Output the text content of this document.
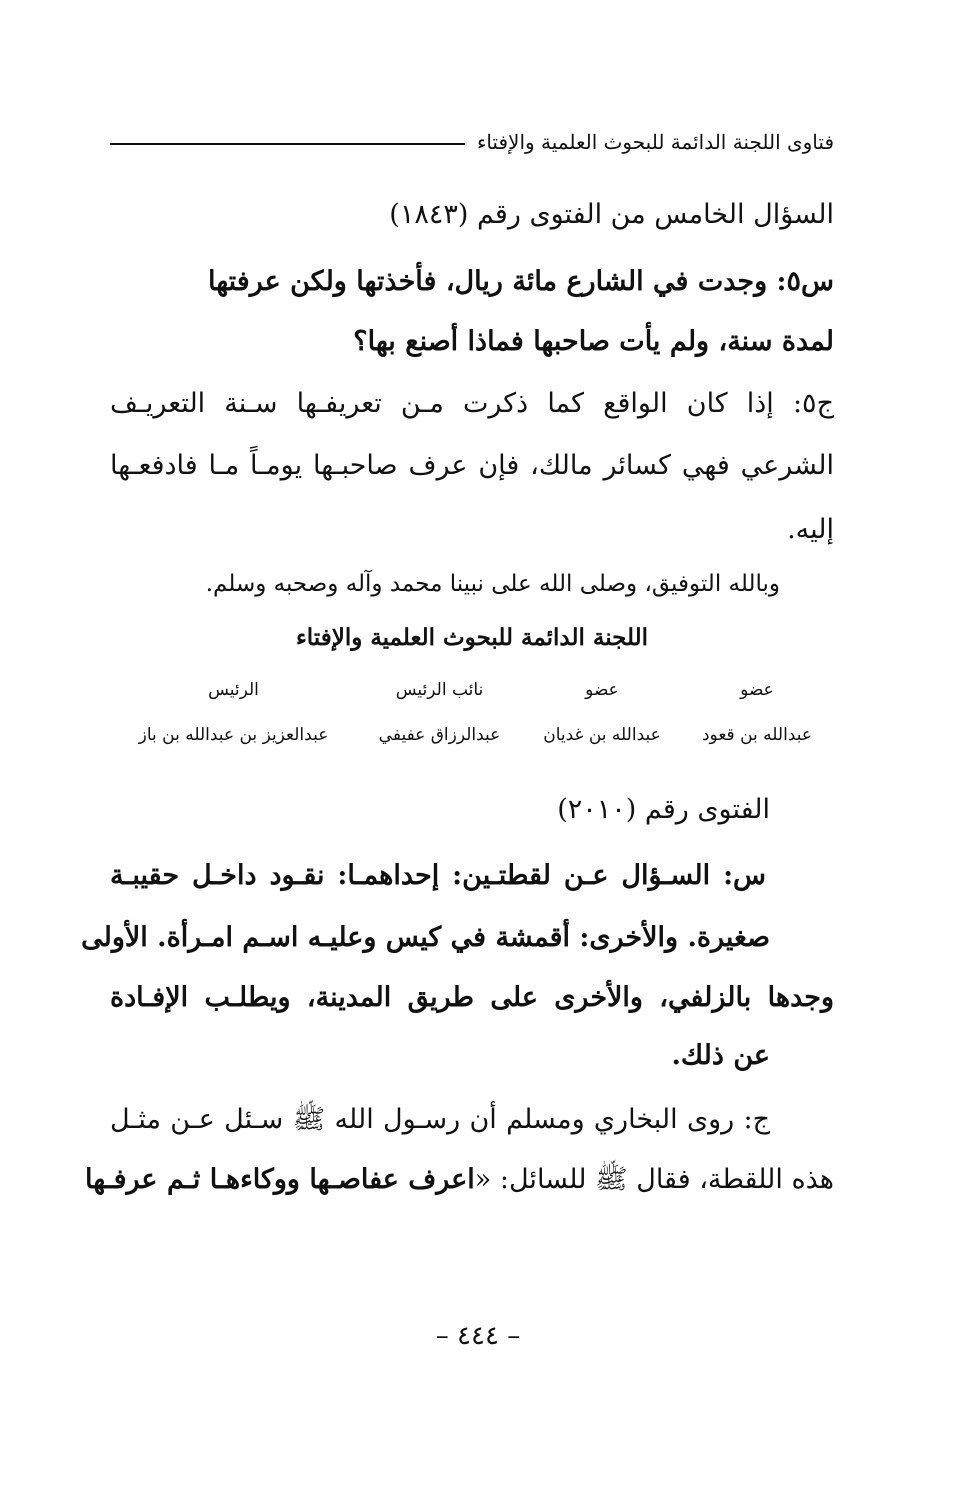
فتاوى اللجنة الدائمة للبحوث العلمية والإفتاء
السؤال الخامس من الفتوى رقم (١٨٤٣)
س٥: وجدت في الشارع مائة ريال، فأخذتها ولكن عرفتها
لمدة سنة، ولم يأت صاحبها فماذا أصنع بها؟
ج٥: إذا كان الواقع كما ذكرت مـن تعريفـها سـنة التعريـف
الشرعي فهي كسائر مالك، فإن عرف صاحبـها يومـاً مـا فادفعـها
إليه.
وبالله التوفيق، وصلى الله على نبينا محمد وآله وصحبه وسلم.
اللجنة الدائمة للبحوث العلمية والإفتاء
عضو
عضو
نائب الرئيس
الرئيس
عبدالله بن قعود
عبدالله بن غديان
عبدالرزاق عفيفي
عبدالعزيز بن عبدالله بن باز
الفتوى رقم (٢٠١٠)
س: السـؤال عـن لقطتـين: إحداهمـا: نقـود داخـل حقيبـة
صغيرة. والأخرى: أقمشة في كيس وعليـه اسـم امـرأة. الأولى
وجدها بالزلفي، والأخرى على طريق المدينة، ويطلـب الإفـادة
عن ذلك.
ج: روى البخاري ومسلم أن رسـول الله ﷺ سـئل عـن مثـل
هذه اللقطة، فقال ﷺ للسائل: «اعرف عفاصـها ووكاءهـا ثـم عرفـها
– ٤٤٤ –
